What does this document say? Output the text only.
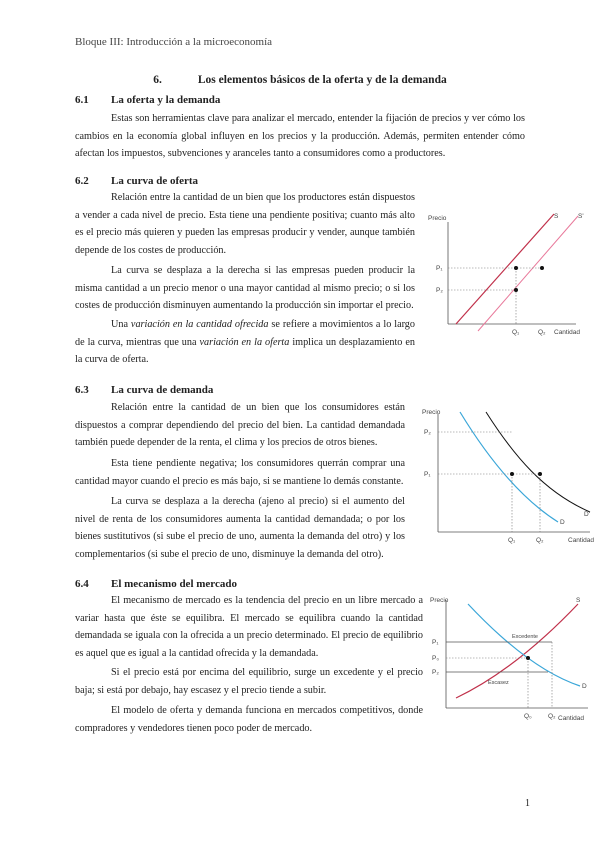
Bloque III: Introducción a la microeconomía
6.	Los elementos básicos de la oferta y de la demanda
6.1 La oferta y la demanda
Estas son herramientas clave para analizar el mercado, entender la fijación de precios y ver cómo los cambios en la economía global influyen en los precios y la producción. Además, permiten entender cómo afectan los impuestos, subvenciones y aranceles tanto a consumidores como a productores.
6.2 La curva de oferta
Relación entre la cantidad de un bien que los productores están dispuestos a vender a cada nivel de precio. Esta tiene una pendiente positiva; cuanto más alto es el precio más quieren y pueden las empresas producir y vender, aunque también depende de los costes de producción.
La curva se desplaza a la derecha si las empresas pueden producir la misma cantidad a un precio menor o una mayor cantidad al mismo precio; o si los costes de producción disminuyen aumentando la producción sin importar el precio.
Una variación en la cantidad ofrecida se refiere a movimientos a lo largo de la curva, mientras que una variación en la oferta implica un desplazamiento en la curva de oferta.
Precio
Cantidad
S	S'
P₁
P₂
Q₁	Q₂
6.3 La curva de demanda
Relación entre la cantidad de un bien que los consumidores están dispuestos a comprar dependiendo del precio del bien. La cantidad demandada también puede depender de la renta, el clima y los precios de otros bienes.
Esta tiene pendiente negativa; los consumidores querrán comprar una cantidad mayor cuando el precio es más bajo, si se mantiene lo demás constante.
La curva se desplaza a la derecha (ajeno al precio) si el aumento del nivel de renta de los consumidores aumenta la cantidad demandada; o por los bienes sustitutivos (si sube el precio de uno, aumenta la demanda del otro) y los complementarios (si sube el precio de uno, disminuye la demanda del otro).
Precio
Cantidad
D
D'
P₂
P₁
Q₁	Q₂
6.4 El mecanismo del mercado
El mecanismo de mercado es la tendencia del precio en un libre mercado a variar hasta que éste se equilibra. El mercado se equilibra cuando la cantidad demandada se iguala con la ofrecida a un precio determinado. El precio de equilibrio es aquel que es igual a la cantidad ofrecida y la demandada.
Si el precio está por encima del equilibrio, surge un excedente y el precio baja; si está por debajo, hay escasez y el precio tiende a subir.
El modelo de oferta y demanda funciona en mercados competitivos, donde compradores y vendedores tienen poco poder de mercado.
Precio
Cantidad
S
D
Excedente
Escasez
P₁
P₀
P₂
Q₀ Q₂
1
